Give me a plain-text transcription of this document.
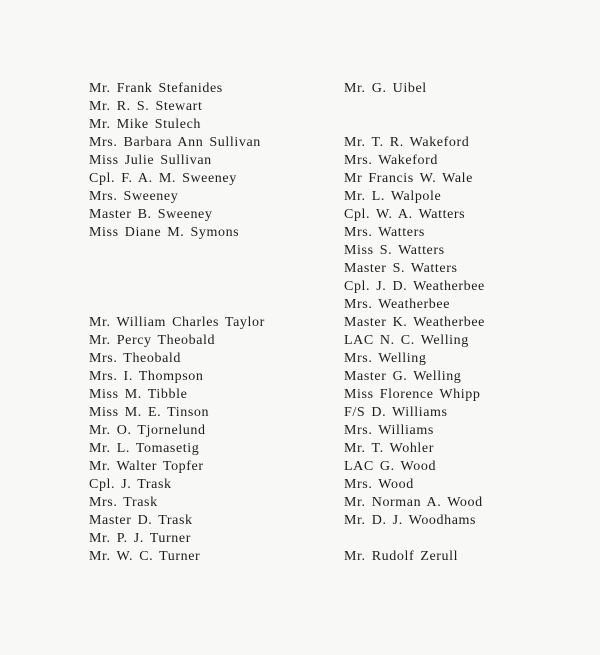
Mr. Frank Stefanides
Mr. R. S. Stewart
Mr. Mike Stulech
Mrs. Barbara Ann Sullivan
Miss Julie Sullivan
Cpl. F. A. M. Sweeney
Mrs. Sweeney
Master B. Sweeney
Miss Diane M. Symons
Mr. William Charles Taylor
Mr. Percy Theobald
Mrs. Theobald
Mrs. I. Thompson
Miss M. Tibble
Miss M. E. Tinson
Mr. O. Tjornelund
Mr. L. Tomasetig
Mr. Walter Topfer
Cpl. J. Trask
Mrs. Trask
Master D. Trask
Mr. P. J. Turner
Mr. W. C. Turner
Mr. G. Uibel
Mr. T. R. Wakeford
Mrs. Wakeford
Mr Francis W. Wale
Mr. L. Walpole
Cpl. W. A. Watters
Mrs. Watters
Miss S. Watters
Master S. Watters
Cpl. J. D. Weatherbee
Mrs. Weatherbee
Master K. Weatherbee
LAC N. C. Welling
Mrs. Welling
Master G. Welling
Miss Florence Whipp
F/S D. Williams
Mrs. Williams
Mr. T. Wohler
LAC G. Wood
Mrs. Wood
Mr. Norman A. Wood
Mr. D. J. Woodhams
Mr. Rudolf Zerull
